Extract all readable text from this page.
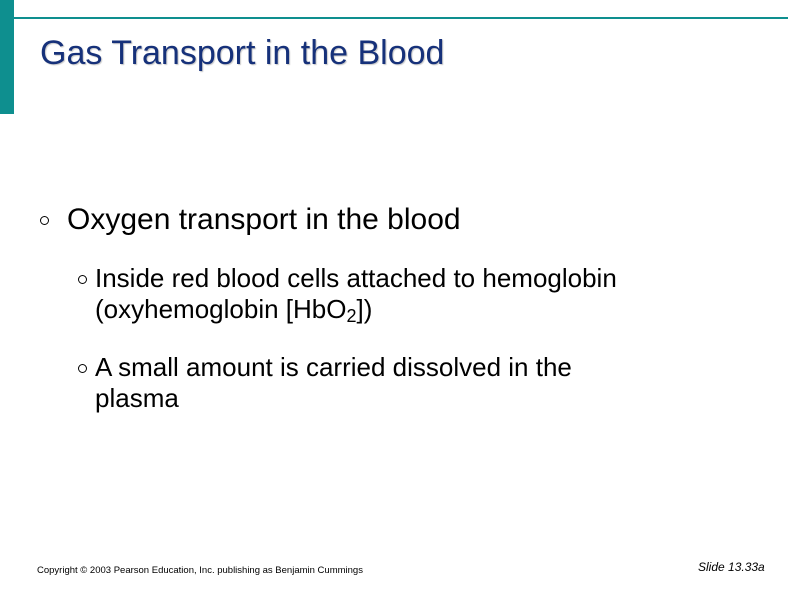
Gas Transport in the Blood
Oxygen transport in the blood
Inside red blood cells attached to hemoglobin
(oxyhemoglobin [HbO$_2$])
A small amount is carried dissolved in the
plasma
Copyright © 2003 Pearson Education, Inc. publishing as Benjamin Cummings	Slide 13.33a
